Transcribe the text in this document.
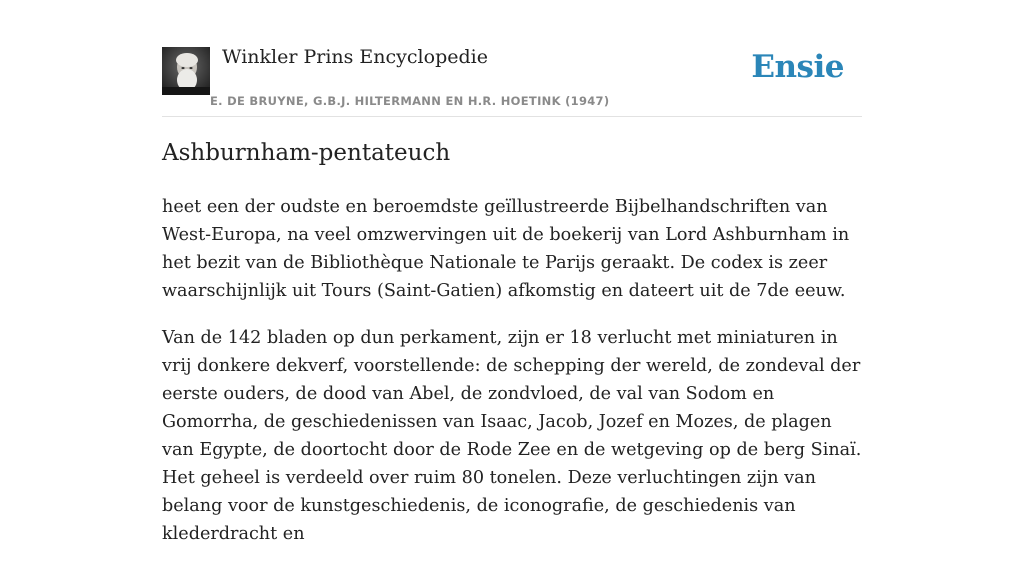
Winkler Prins Encyclopedie
E. DE BRUYNE, G.B.J. HILTERMANN EN H.R. HOETINK (1947)
Ensie
Ashburnham-pentateuch

heet een der oudste en beroemdste geïllustreerde Bijbelhandschriften van West-Europa, na veel omzwervingen uit de boekerij van Lord Ashburnham in het bezit van de Bibliothèque Nationale te Parijs geraakt. De codex is zeer waarschijnlijk uit Tours (Saint-Gatien) afkomstig en dateert uit de 7de eeuw.

Van de 142 bladen op dun perkament, zijn er 18 verlucht met miniaturen in vrij donkere dekverf, voorstellende: de schepping der wereld, de zondeval der eerste ouders, de dood van Abel, de zondvloed, de val van Sodom en Gomorrha, de geschiedenissen van Isaac, Jacob, Jozef en Mozes, de plagen van Egypte, de doortocht door de Rode Zee en de wetgeving op de berg Sinaï. Het geheel is verdeeld over ruim 80 tonelen. Deze verluchtingen zijn van belang voor de kunstgeschiedenis, de iconografie, de geschiedenis van klederdracht en
